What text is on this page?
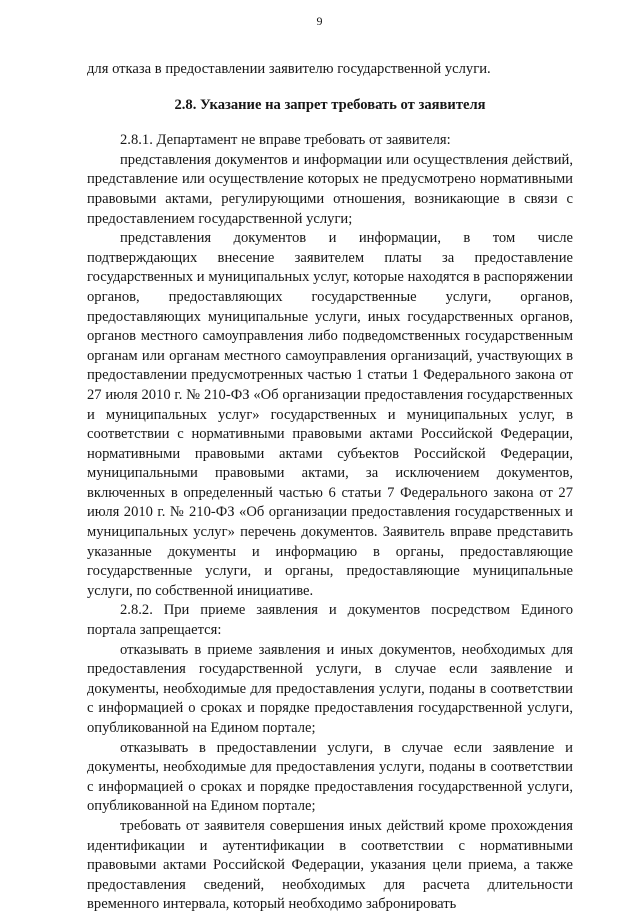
9

для отказа в предоставлении заявителю государственной услуги.

2.8. Указание на запрет требовать от заявителя

2.8.1. Департамент не вправе требовать от заявителя:

представления документов и информации или осуществления действий, представление или осуществление которых не предусмотрено нормативными правовыми актами, регулирующими отношения, возникающие в связи с предоставлением государственной услуги;

представления документов и информации, в том числе подтверждающих внесение заявителем платы за предоставление государственных и муниципальных услуг, которые находятся в распоряжении органов, предоставляющих государственные услуги, органов, предоставляющих муниципальные услуги, иных государственных органов, органов местного самоуправления либо подведомственных государственным органам или органам местного самоуправления организаций, участвующих в предоставлении предусмотренных частью 1 статьи 1 Федерального закона от 27 июля 2010 г. № 210-ФЗ «Об организации предоставления государственных и муниципальных услуг» государственных и муниципальных услуг, в соответствии с нормативными правовыми актами Российской Федерации, нормативными правовыми актами субъектов Российской Федерации, муниципальными правовыми актами, за исключением документов, включенных в определенный частью 6 статьи 7 Федерального закона от 27 июля 2010 г. № 210-ФЗ «Об организации предоставления государственных и муниципальных услуг» перечень документов. Заявитель вправе представить указанные документы и информацию в органы, предоставляющие государственные услуги, и органы, предоставляющие муниципальные услуги, по собственной инициативе.

2.8.2. При приеме заявления и документов посредством Единого портала запрещается:

отказывать в приеме заявления и иных документов, необходимых для предоставления государственной услуги, в случае если заявление и документы, необходимые для предоставления услуги, поданы в соответствии с информацией о сроках и порядке предоставления государственной услуги, опубликованной на Едином портале;

отказывать в предоставлении услуги, в случае если заявление и документы, необходимые для предоставления услуги, поданы в соответствии с информацией о сроках и порядке предоставления государственной услуги, опубликованной на Едином портале;

требовать от заявителя совершения иных действий кроме прохождения идентификации и аутентификации в соответствии с нормативными правовыми актами Российской Федерации, указания цели приема, а также предоставления сведений, необходимых для расчета длительности временного интервала, который необходимо забронировать
